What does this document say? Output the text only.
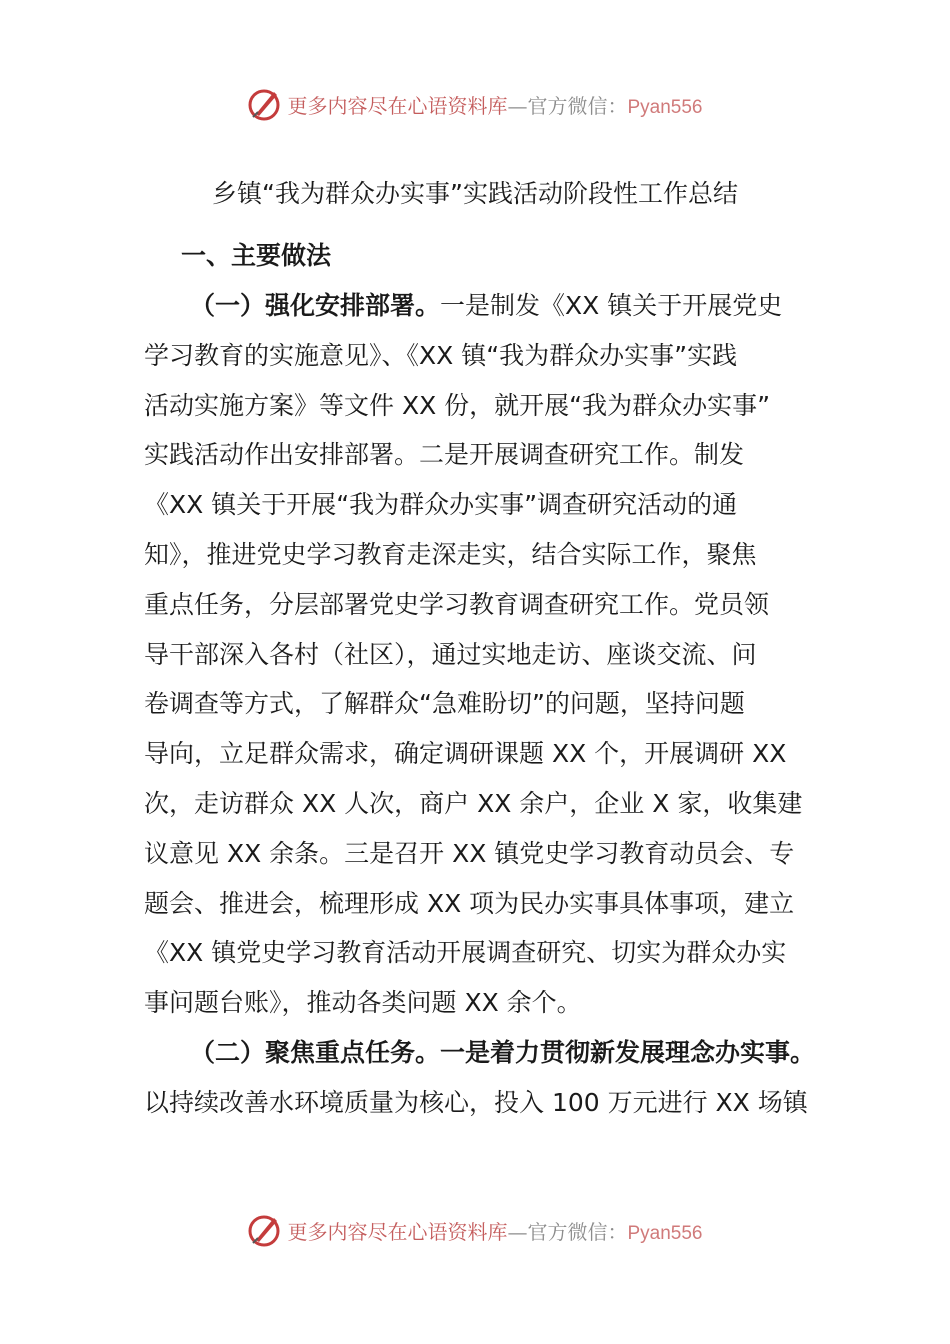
更多内容尽在心语资料库—官方微信：Pyan556
乡镇“我为群众办实事”实践活动阶段性工作总结
一、主要做法
（一）强化安排部署。一是制发《XX 镇关于开展党史
学习教育的实施意见》、《XX 镇“我为群众办实事”实践
活动实施方案》等文件 XX 份，就开展“我为群众办实事”
实践活动作出安排部署。二是开展调查研究工作。制发
《XX 镇关于开展“我为群众办实事”调查研究活动的通
知》，推进党史学习教育走深走实，结合实际工作，聚焦
重点任务，分层部署党史学习教育调查研究工作。党员领
导干部深入各村（社区），通过实地走访、座谈交流、问
卷调查等方式，了解群众“急难盼切”的问题，坚持问题
导向，立足群众需求，确定调研课题 XX 个，开展调研 XX
次，走访群众 XX 人次，商户 XX 余户，企业 X 家，收集建
议意见 XX 余条。三是召开 XX 镇党史学习教育动员会、专
题会、推进会，梳理形成 XX 项为民办实事具体事项，建立
《XX 镇党史学习教育活动开展调查研究、切实为群众办实
事问题台账》，推动各类问题 XX 余个。
（二）聚焦重点任务。一是着力贯彻新发展理念办实事。
以持续改善水环境质量为核心，投入 100 万元进行 XX 场镇
更多内容尽在心语资料库—官方微信：Pyan556
